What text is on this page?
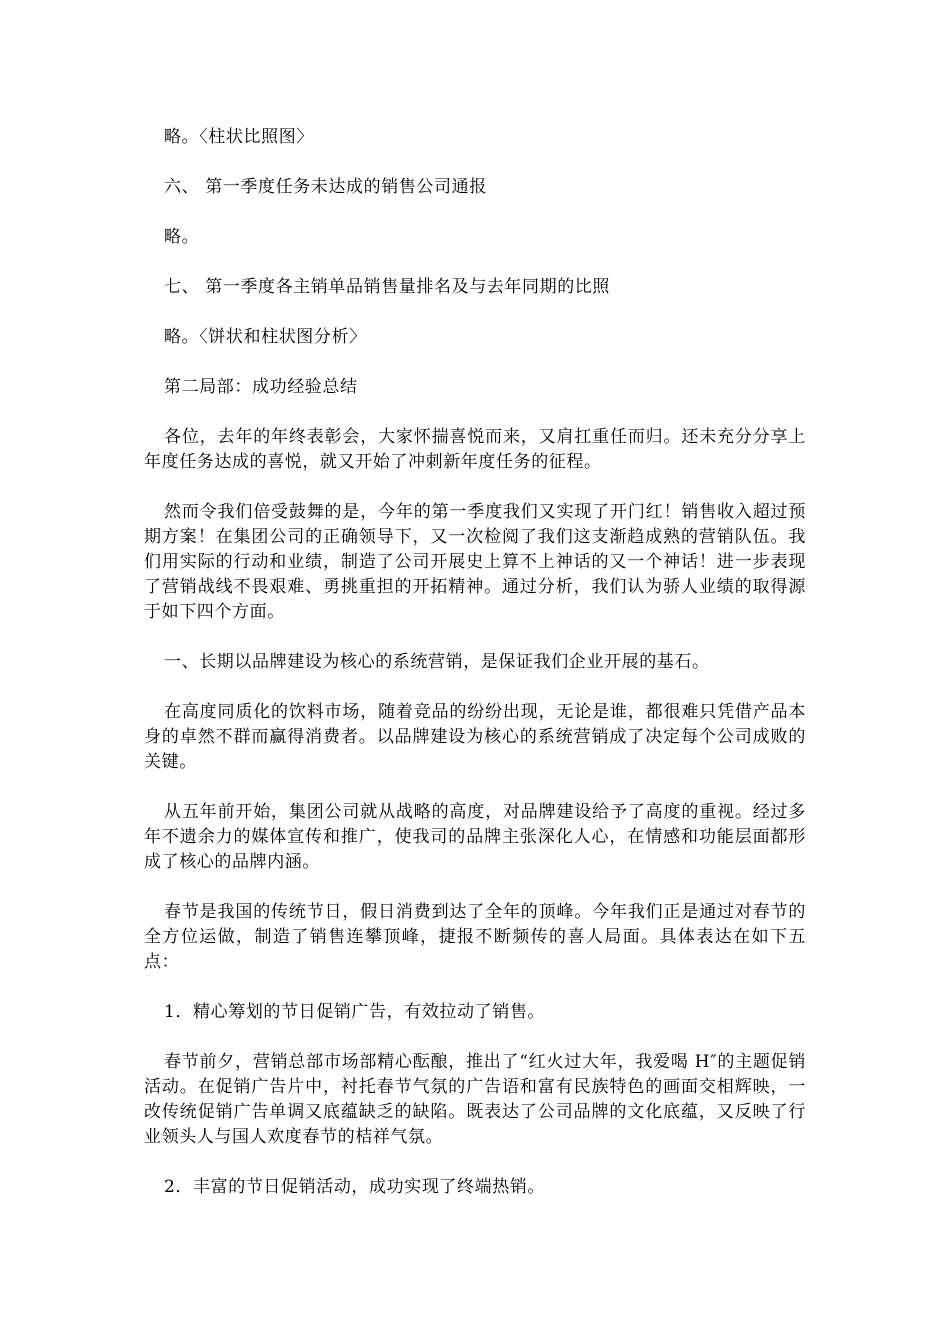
略。〈柱状比照图〉

六、 第一季度任务未达成的销售公司通报

略。

七、 第一季度各主销单品销售量排名及与去年同期的比照

略。〈饼状和柱状图分析〉

第二局部：成功经验总结

各位，去年的年终表彰会，大家怀揣喜悦而来，又肩扛重任而归。还未充分分享上年度任务达成的喜悦，就又开始了冲刺新年度任务的征程。

然而令我们倍受鼓舞的是，今年的第一季度我们又实现了开门红！销售收入超过预期方案！在集团公司的正确领导下，又一次检阅了我们这支渐趋成熟的营销队伍。我们用实际的行动和业绩，制造了公司开展史上算不上神话的又一个神话！进一步表现了营销战线不畏艰难、勇挑重担的开拓精神。通过分析，我们认为骄人业绩的取得源于如下四个方面。

一、长期以品牌建设为核心的系统营销，是保证我们企业开展的基石。

在高度同质化的饮料市场，随着竞品的纷纷出现，无论是谁，都很难只凭借产品本身的卓然不群而赢得消费者。以品牌建设为核心的系统营销成了决定每个公司成败的关键。

从五年前开始，集团公司就从战略的高度，对品牌建设给予了高度的重视。经过多年不遗余力的媒体宣传和推广，使我司的品牌主张深化人心，在情感和功能层面都形成了核心的品牌内涵。

春节是我国的传统节日，假日消费到达了全年的顶峰。今年我们正是通过对春节的全方位运做，制造了销售连攀顶峰，捷报不断频传的喜人局面。具体表达在如下五点：

1．精心筹划的节日促销广告，有效拉动了销售。

春节前夕，营销总部市场部精心酝酿，推出了“红火过大年，我爱喝 H″的主题促销活动。在促销广告片中，衬托春节气氛的广告语和富有民族特色的画面交相辉映，一改传统促销广告单调又底蕴缺乏的缺陷。既表达了公司品牌的文化底蕴，又反映了行业领头人与国人欢度春节的桔祥气氛。

2．丰富的节日促销活动，成功实现了终端热销。
